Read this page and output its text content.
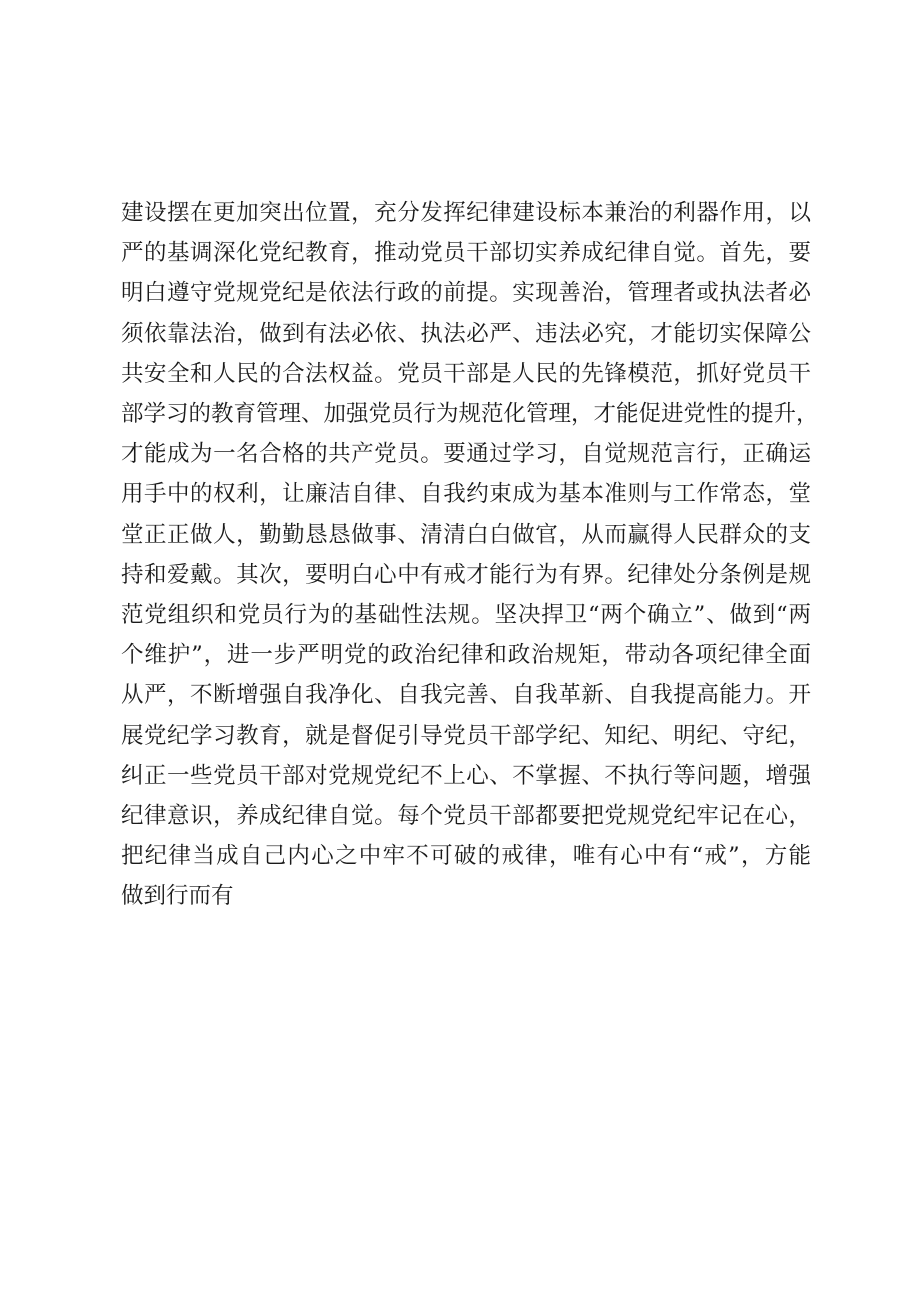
建设摆在更加突出位置，充分发挥纪律建设标本兼治的利器作用，以
严的基调深化党纪教育，推动党员干部切实养成纪律自觉。首先，要
明白遵守党规党纪是依法行政的前提。实现善治，管理者或执法者必
须依靠法治，做到有法必依、执法必严、违法必究，才能切实保障公
共安全和人民的合法权益。党员干部是人民的先锋模范，抓好党员干
部学习的教育管理、加强党员行为规范化管理，才能促进党性的提升，
才能成为一名合格的共产党员。要通过学习，自觉规范言行，正确运
用手中的权利，让廉洁自律、自我约束成为基本准则与工作常态，堂
堂正正做人，勤勤恳恳做事、清清白白做官，从而赢得人民群众的支
持和爱戴。其次，要明白心中有戒才能行为有界。纪律处分条例是规
范党组织和党员行为的基础性法规。坚决捍卫“两个确立”、做到“两
个维护”，进一步严明党的政治纪律和政治规矩，带动各项纪律全面
从严，不断增强自我净化、自我完善、自我革新、自我提高能力。开
展党纪学习教育，就是督促引导党员干部学纪、知纪、明纪、守纪，
纠正一些党员干部对党规党纪不上心、不掌握、不执行等问题，增强
纪律意识，养成纪律自觉。每个党员干部都要把党规党纪牢记在心，
把纪律当成自己内心之中牢不可破的戒律，唯有心中有“戒”，方能
做到行而有
